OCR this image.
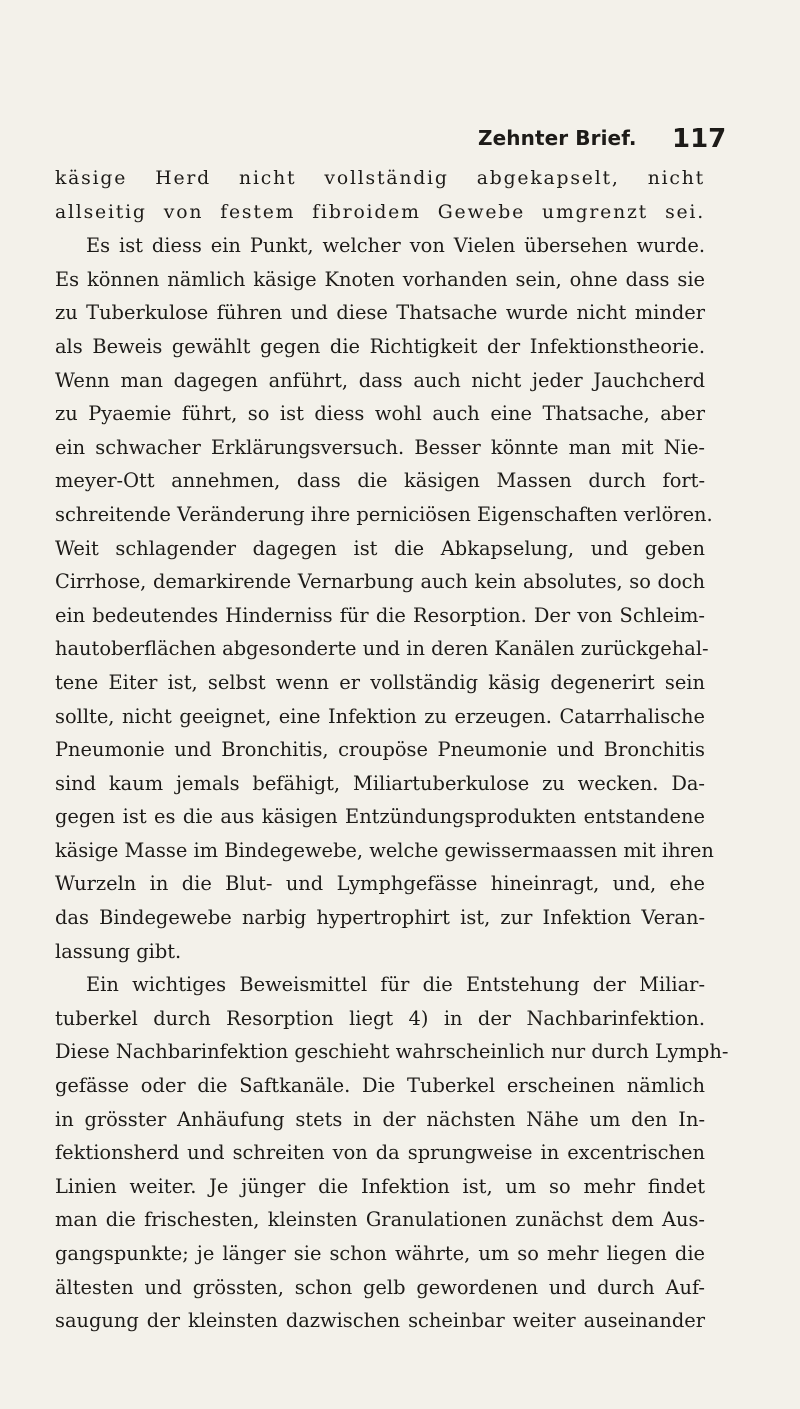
Zehnter Brief. 117
käsige Herd nicht vollständig abgekapselt, nicht
allseitig von festem fibroidem Gewebe umgrenzt sei.
Es ist diess ein Punkt, welcher von Vielen übersehen wurde.
Es können nämlich käsige Knoten vorhanden sein, ohne dass sie
zu Tuberkulose führen und diese Thatsache wurde nicht minder
als Beweis gewählt gegen die Richtigkeit der Infektionstheorie.
Wenn man dagegen anführt, dass auch nicht jeder Jauchcherd
zu Pyaemie führt, so ist diess wohl auch eine Thatsache, aber
ein schwacher Erklärungsversuch. Besser könnte man mit Nie-
meyer-Ott annehmen, dass die käsigen Massen durch fort-
schreitende Veränderung ihre perniciösen Eigenschaften verlören.
Weit schlagender dagegen ist die Abkapselung, und geben
Cirrhose, demarkirende Vernarbung auch kein absolutes, so doch
ein bedeutendes Hinderniss für die Resorption. Der von Schleim-
hautoberflächen abgesonderte und in deren Kanälen zurückgehal-
tene Eiter ist, selbst wenn er vollständig käsig degenerirt sein
sollte, nicht geeignet, eine Infektion zu erzeugen. Catarrhalische
Pneumonie und Bronchitis, croupöse Pneumonie und Bronchitis
sind kaum jemals befähigt, Miliartuberkulose zu wecken. Da-
gegen ist es die aus käsigen Entzündungsprodukten entstandene
käsige Masse im Bindegewebe, welche gewissermaassen mit ihren
Wurzeln in die Blut- und Lymphgefässe hineinragt, und, ehe
das Bindegewebe narbig hypertrophirt ist, zur Infektion Veran-
lassung gibt.
Ein wichtiges Beweismittel für die Entstehung der Miliar-
tuberkel durch Resorption liegt 4) in der Nachbarinfektion.
Diese Nachbarinfektion geschieht wahrscheinlich nur durch Lymph-
gefässe oder die Saftkanäle. Die Tuberkel erscheinen nämlich
in grösster Anhäufung stets in der nächsten Nähe um den In-
fektionsherd und schreiten von da sprungweise in excentrischen
Linien weiter. Je jünger die Infektion ist, um so mehr findet
man die frischesten, kleinsten Granulationen zunächst dem Aus-
gangspunkte; je länger sie schon währte, um so mehr liegen die
ältesten und grössten, schon gelb gewordenen und durch Auf-
saugung der kleinsten dazwischen scheinbar weiter auseinander
